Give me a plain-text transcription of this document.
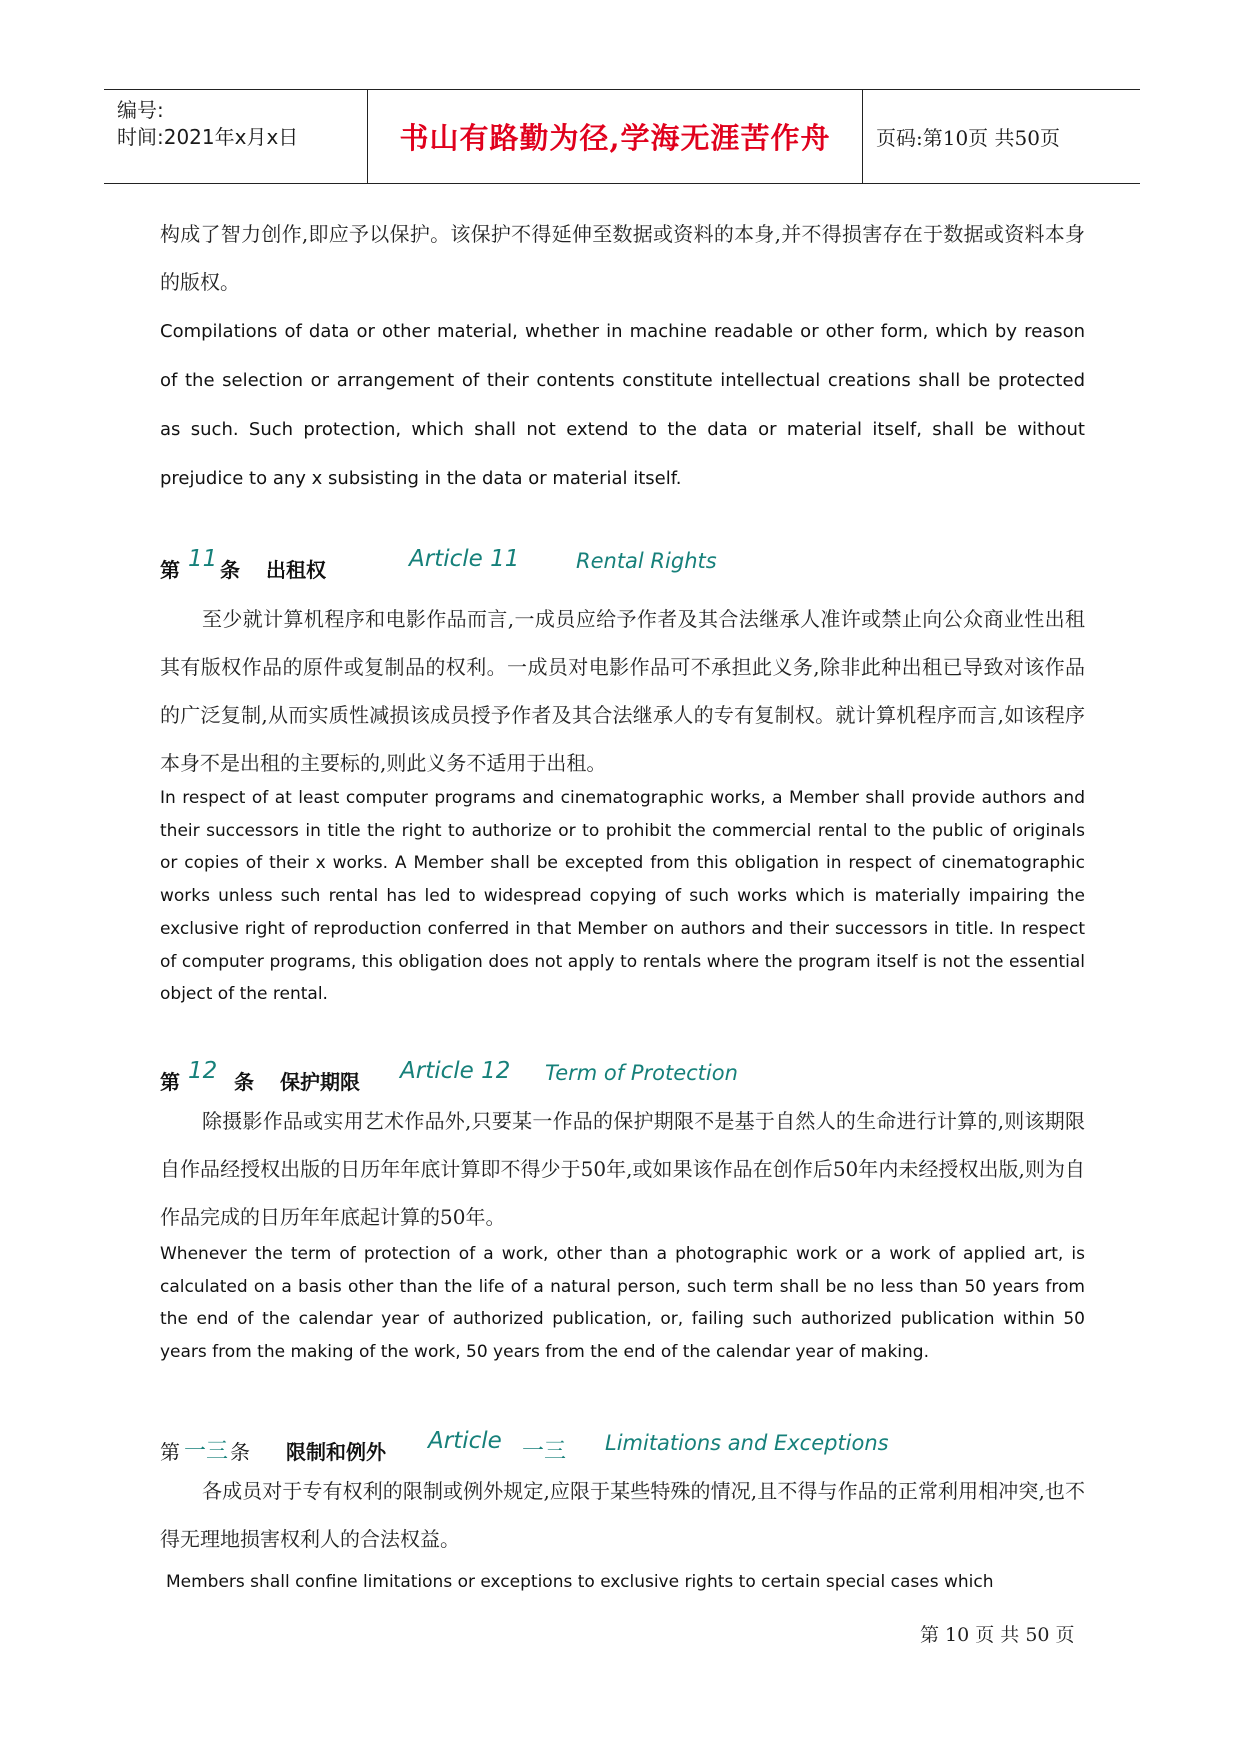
编号:
时间:2021年x月x日	书山有路勤为径,学海无涯苦作舟 页码:第10页 共50页

构成了智力创作,即应予以保护。该保护不得延伸至数据或资料的本身,并不得损害存在于数据或资料本身的版权。

Compilations of data or other material, whether in machine readable or other form, which by reason of the selection or arrangement of their contents constitute intellectual creations shall be protected as such. Such protection, which shall not extend to the data or material itself, shall be without prejudice to any x subsisting in the data or material itself.

第 11 条 出租权	Article 11	Rental Rights

至少就计算机程序和电影作品而言,一成员应给予作者及其合法继承人准许或禁止向公众商业性出租其有版权作品的原件或复制品的权利。一成员对电影作品可不承担此义务,除非此种出租已导致对该作品的广泛复制,从而实质性减损该成员授予作者及其合法继承人的专有复制权。就计算机程序而言,如该程序本身不是出租的主要标的,则此义务不适用于出租。

In respect of at least computer programs and cinematographic works, a Member shall provide authors and their successors in title the right to authorize or to prohibit the commercial rental to the public of originals or copies of their x works. A Member shall be excepted from this obligation in respect of cinematographic works unless such rental has led to widespread copying of such works which is materially impairing the exclusive right of reproduction conferred in that Member on authors and their successors in title. In respect of computer programs, this obligation does not apply to rentals where the program itself is not the essential object of the rental.

第 12 条 保护期限 Article 12 Term of Protection

除摄影作品或实用艺术作品外,只要某一作品的保护期限不是基于自然人的生命进行计算的,则该期限自作品经授权出版的日历年年底计算即不得少于50年,或如果该作品在创作后50年内未经授权出版,则为自作品完成的日历年年底起计算的50年。

Whenever the term of protection of a work, other than a photographic work or a work of applied art, is calculated on a basis other than the life of a natural person, such term shall be no less than 50 years from the end of the calendar year of authorized publication, or, failing such authorized publication within 50 years from the making of the work, 50 years from the end of the calendar year of making.

第 一三 条 限制和例外 Article 一三 Limitations and Exceptions

各成员对于专有权利的限制或例外规定,应限于某些特殊的情况,且不得与作品的正常利用相冲突,也不得无理地损害权利人的合法权益。

Members shall confine limitations or exceptions to exclusive rights to certain special cases which

第 10 页 共 50 页
